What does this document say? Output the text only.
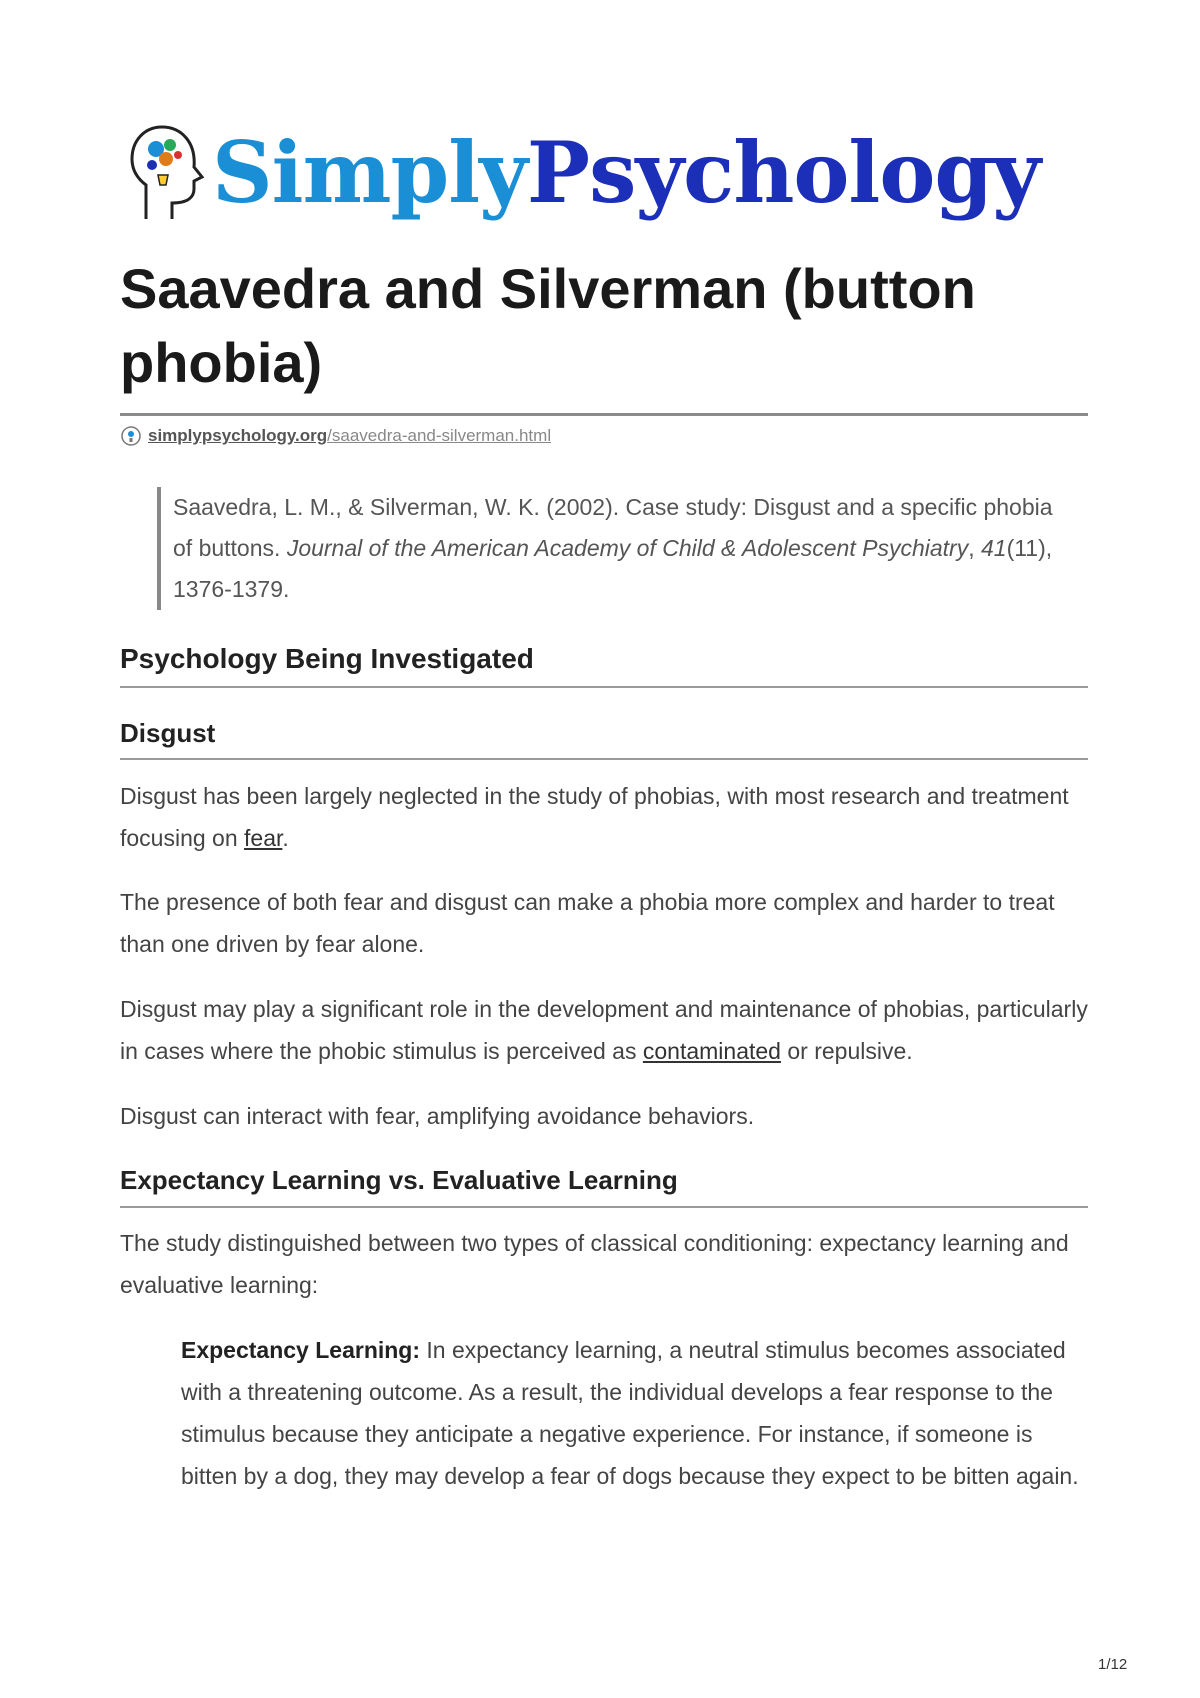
SimplyPsychology
Saavedra and Silverman (button phobia)
simplypsychology.org /saavedra-and-silverman.html
Saavedra, L. M., & Silverman, W. K. (2002). Case study: Disgust and a specific phobia of buttons. Journal of the American Academy of Child & Adolescent Psychiatry, 41(11), 1376-1379.
Psychology Being Investigated
Disgust

Disgust has been largely neglected in the study of phobias, with most research and treatment focusing on fear.

The presence of both fear and disgust can make a phobia more complex and harder to treat than one driven by fear alone.

Disgust may play a significant role in the development and maintenance of phobias, particularly in cases where the phobic stimulus is perceived as contaminated or repulsive.

Disgust can interact with fear, amplifying avoidance behaviors.

Expectancy Learning vs. Evaluative Learning

The study distinguished between two types of classical conditioning: expectancy learning and evaluative learning:

Expectancy Learning: In expectancy learning, a neutral stimulus becomes associated with a threatening outcome. As a result, the individual develops a fear response to the stimulus because they anticipate a negative experience. For instance, if someone is bitten by a dog, they may develop a fear of dogs because they expect to be bitten again.

1/12
